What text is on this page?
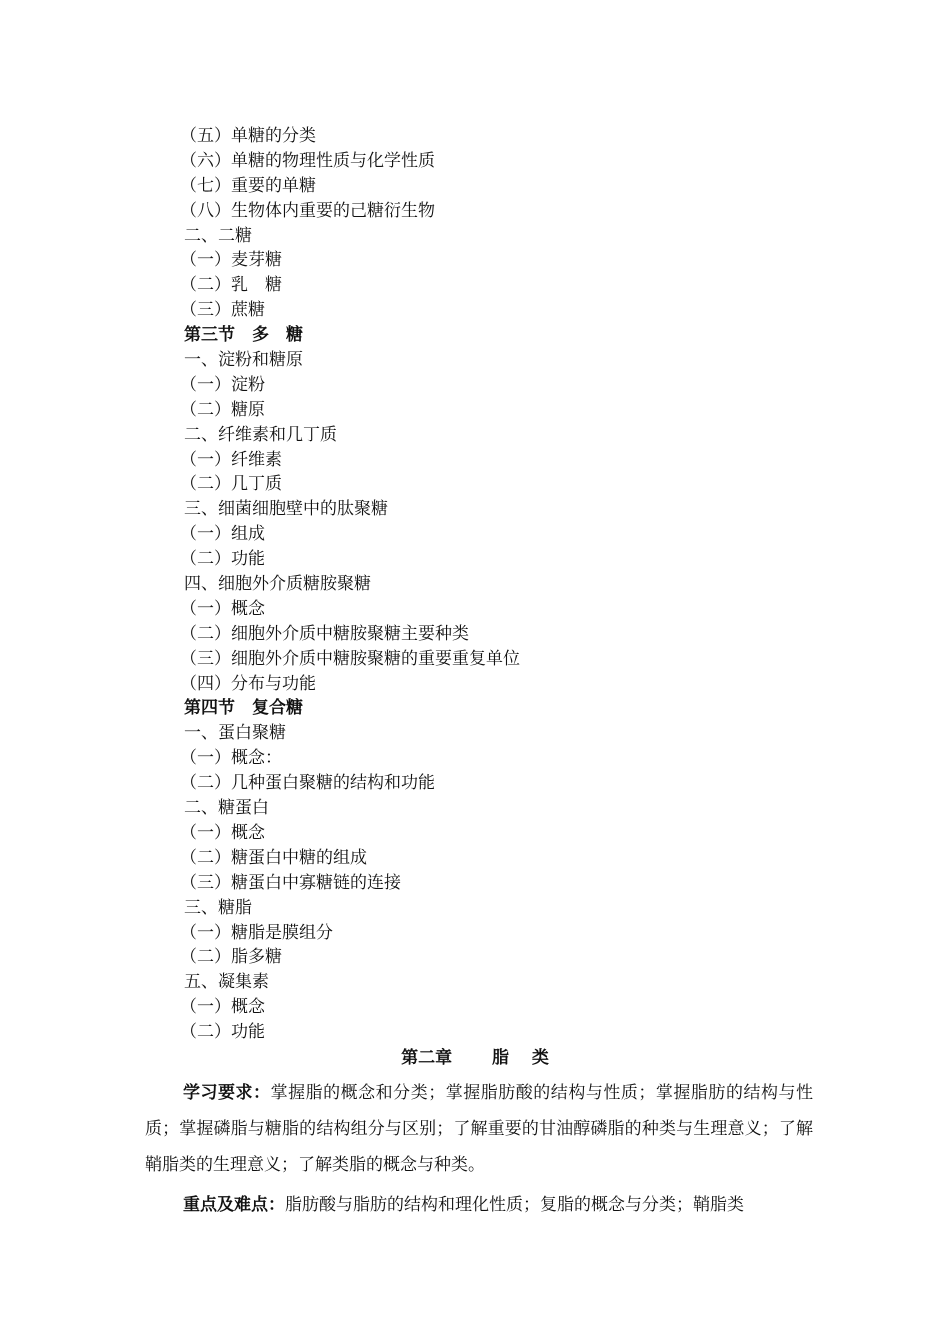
（五）单糖的分类
（六）单糖的物理性质与化学性质
（七）重要的单糖
（八）生物体内重要的己糖衍生物
二、二糖
（一）麦芽糖
（二）乳　糖
（三）蔗糖
第三节　多　糖
一、淀粉和糖原
（一）淀粉
（二）糖原
二、纤维素和几丁质
（一）纤维素
（二）几丁质
三、细菌细胞壁中的肽聚糖
（一）组成
（二）功能
四、细胞外介质糖胺聚糖
（一）概念
（二）细胞外介质中糖胺聚糖主要种类
（三）细胞外介质中糖胺聚糖的重要重复单位
（四）分布与功能
第四节　复合糖
一、蛋白聚糖
（一）概念：
（二）几种蛋白聚糖的结构和功能
二、糖蛋白
（一）概念
（二）糖蛋白中糖的组成
（三）糖蛋白中寡糖链的连接
三、糖脂
（一）糖脂是膜组分
（二）脂多糖
五、凝集素
（一）概念
（二）功能
第二章　　 脂　 类

学习要求：掌握脂的概念和分类；掌握脂肪酸的结构与性质；掌握脂肪的结构与性质；掌握磷脂与糖脂的结构组分与区别；了解重要的甘油醇磷脂的种类与生理意义；了解鞘脂类的生理意义；了解类脂的概念与种类。

重点及难点：脂肪酸与脂肪的结构和理化性质；复脂的概念与分类；鞘脂类
